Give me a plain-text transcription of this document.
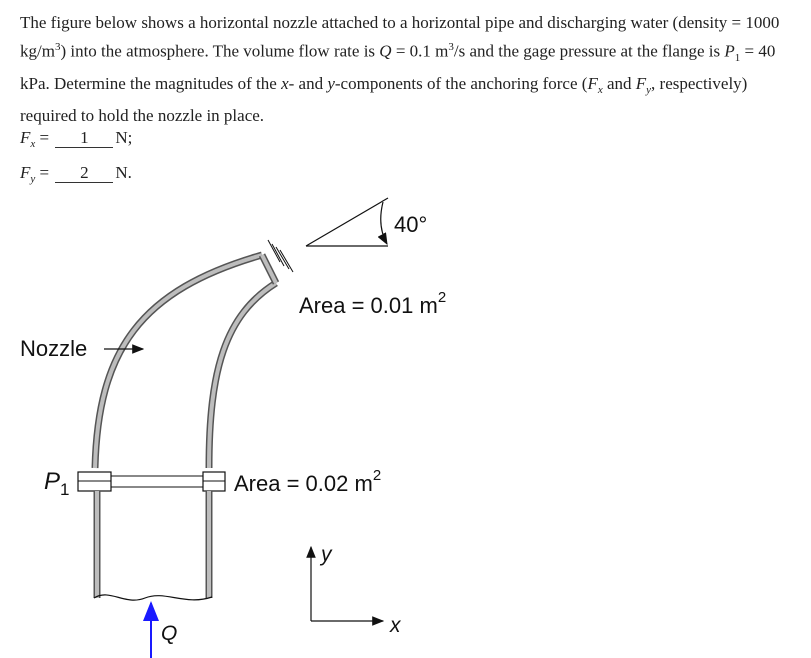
The figure below shows a horizontal nozzle attached to a horizontal pipe and discharging water (density = 1000 $kg/m^3$) into the atmosphere. The volume flow rate is Q = 0.1 $m^3/s$ and the gage pressure at the flange is $P_1 = 40$ kPa. Determine the magnitudes of the x- and y-components of the anchoring force ($F_x$ and $F_y$, respectively) required to hold the nozzle in place.

$F_x = 1$ N;
$F_y = 2$ N.
40°
Area = 0.01 $m^2$
Nozzle
$P_1$	Area = 0.02 $m^2$
y
x
Q
